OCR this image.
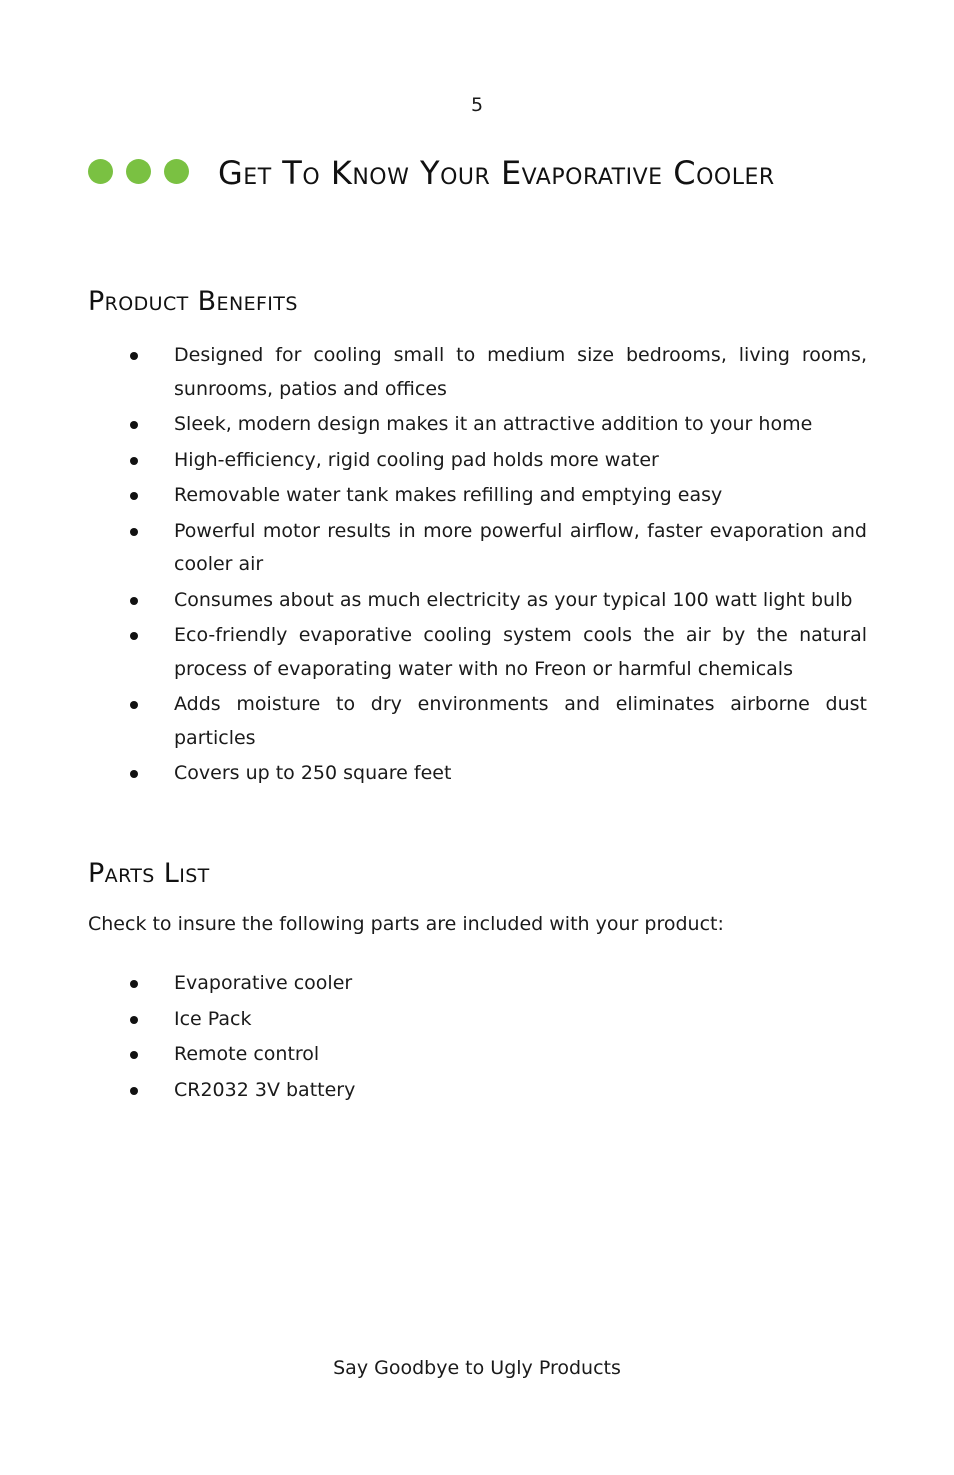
5
Get To Know Your Evaporative Cooler
Product Benefits
Designed for cooling small to medium size bedrooms, living rooms, sunrooms, patios and offices
Sleek, modern design makes it an attractive addition to your home
High-efficiency, rigid cooling pad holds more water
Removable water tank makes refilling and emptying easy
Powerful motor results in more powerful airflow, faster evaporation and cooler air
Consumes about as much electricity as your typical 100 watt light bulb
Eco-friendly evaporative cooling system cools the air by the natural process of evaporating water with no Freon or harmful chemicals
Adds moisture to dry environments and eliminates airborne dust particles
Covers up to 250 square feet
Parts List

Check to insure the following parts are included with your product:

Evaporative cooler
Ice Pack
Remote control
CR2032 3V battery
Say Goodbye to Ugly Products
